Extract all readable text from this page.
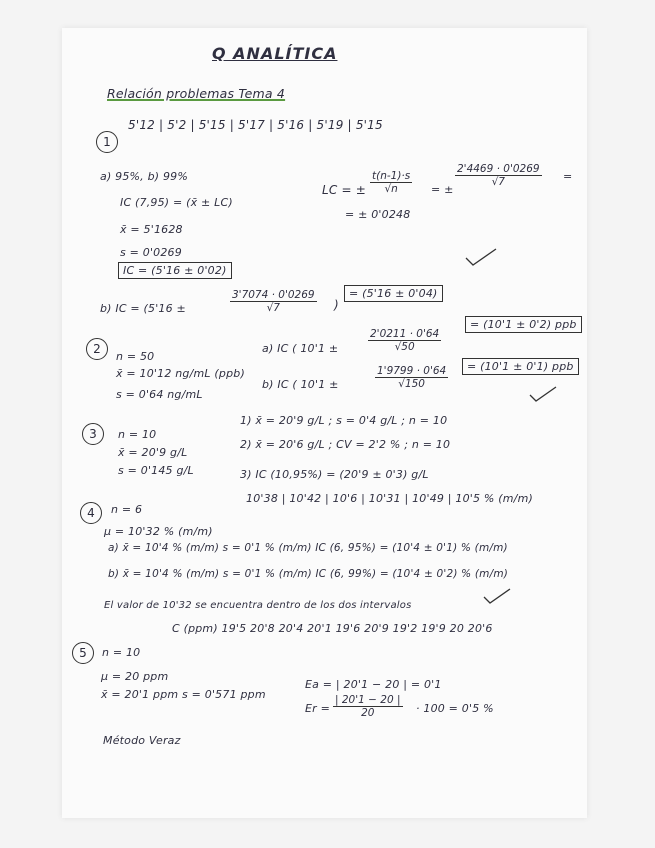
Q ANALÍTICA
Relación problemas Tema 4
1
5'12 | 5'2 | 5'15 | 5'17 | 5'16 | 5'19 | 5'15
a) 95%, b) 99%
IC (7,95) = (x̄ ± LC)
x̄ = 5'1628
s = 0'0269
LC = ± $\frac{t(n-1)\cdot s}{√n}$ = ±
$\frac{2'4469 \cdot 0'0269}{√7}$ =
= ± 0'0248
IC = (5'16 ± 0'02)
b) IC = (5'16 ±	$\frac{3'7074 \cdot 0'0269}{√7}$ )
= (5'16 ± 0'04)
2
n = 50
x̄ = 10'12 ng/mL (ppb)
s = 0'64 ng/mL
a) IC ( 10'1 ±	$\frac{2'0211 \cdot 0'64}{√50}$
= (10'1 ± 0'2) ppb
b) IC ( 10'1 ±	$\frac{1'9799 \cdot 0'64}{√150}$	= (10'1 ± 0'1) ppb
3	n = 10
x̄ = 20'9 g/L
s = 0'145 g/L
1) x̄ = 20'9 g/L ; s = 0'4 g/L ; n = 10
2) x̄ = 20'6 g/L ; CV = 2'2 % ; n = 10
3) IC (10,95%) = (20'9 ± 0'3) g/L
4	n = 6
10'38 | 10'42 | 10'6 | 10'31 | 10'49 | 10'5 % (m/m)
μ = 10'32 % (m/m)
a) x̄ = 10'4 % (m/m) s = 0'1 % (m/m) IC (6, 95%) = (10'4 ± 0'1) % (m/m)
b) x̄ = 10'4 % (m/m) s = 0'1 % (m/m) IC (6, 99%) = (10'4 ± 0'2) % (m/m)
El valor de 10'32 se encuentra dentro de los dos intervalos
5	n = 10
C (ppm) 19'5 20'8 20'4 20'1 19'6 20'9 19'2 19'9 20 20'6
μ = 20 ppm
x̄ = 20'1 ppm s = 0'571 ppm
Ea = | 20'1 − 20 | = 0'1
$Er = \frac{| 20'1 - 20 |}{20} \cdot 100 = 0'5$ %
Método Veraz
